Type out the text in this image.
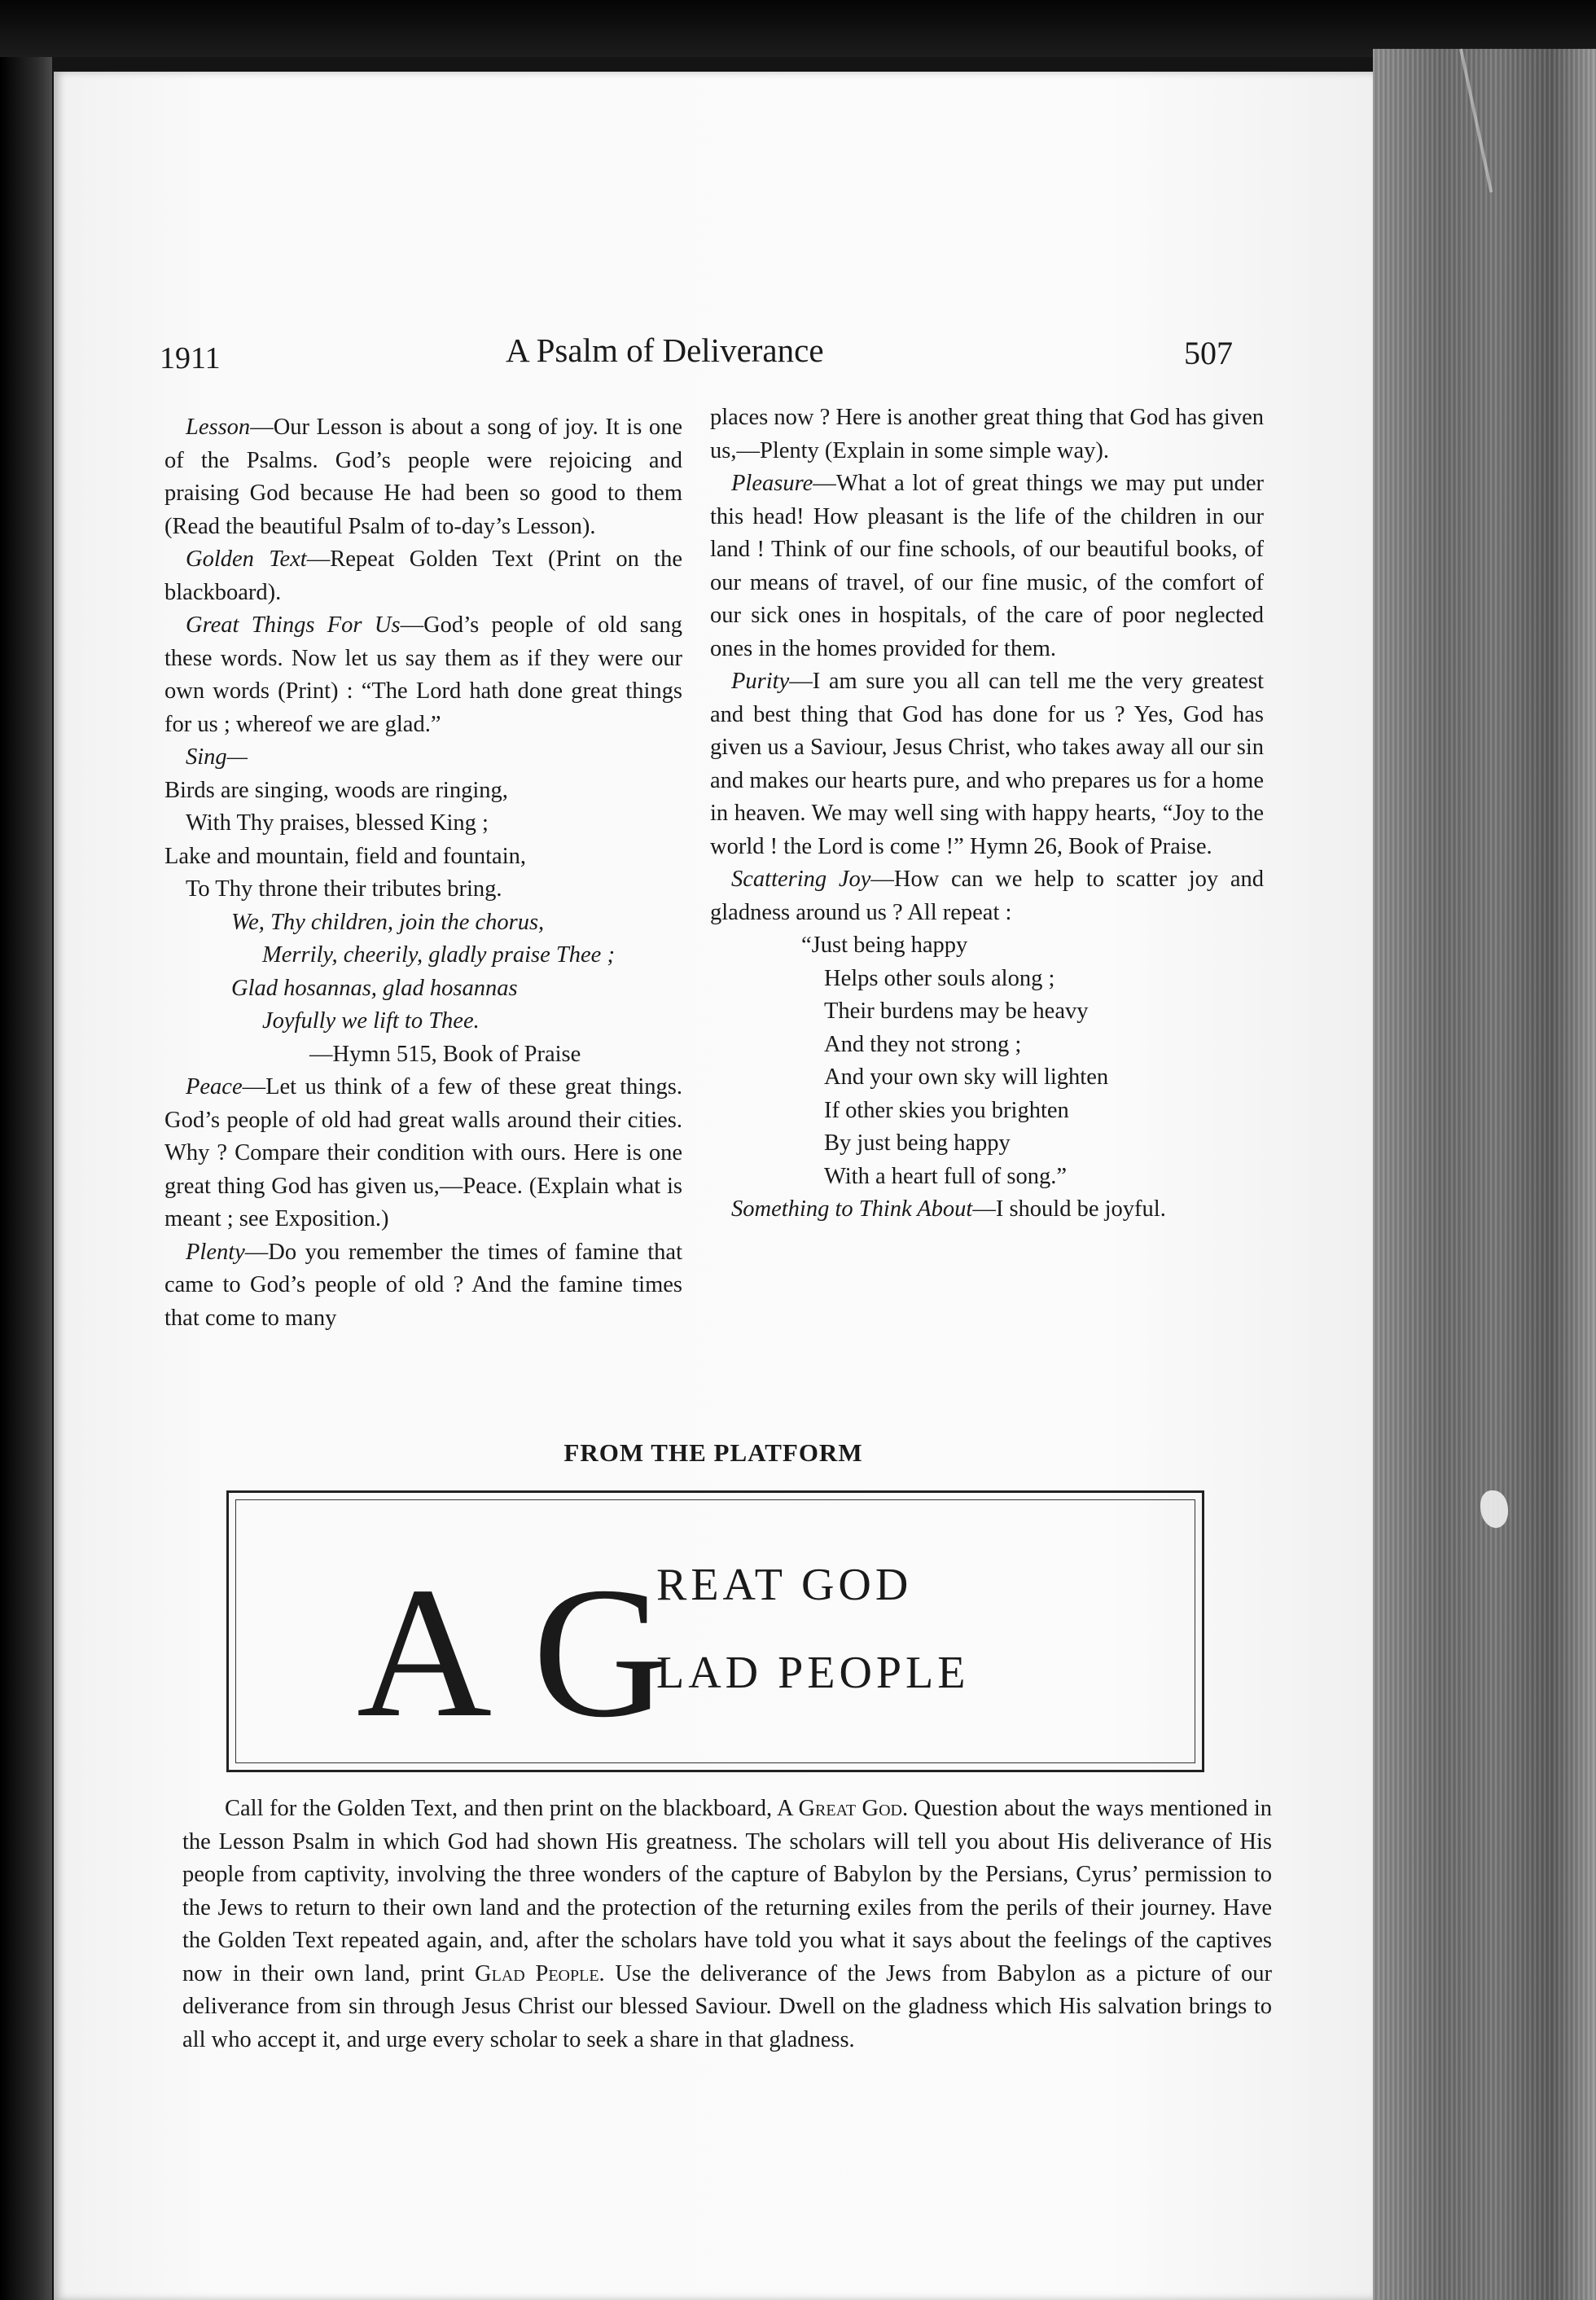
1911	A Psalm of Deliverance	507

Lesson—Our Lesson is about a song of joy. It is one of the Psalms. God’s people were rejoicing and praising God because He had been so good to them (Read the beautiful Psalm of to-day’s Lesson).

Golden Text—Repeat Golden Text (Print on the blackboard).

Great Things For Us—God’s people of old sang these words. Now let us say them as if they were our own words (Print) : “The Lord hath done great things for us ; whereof we are glad.”

Sing—

Birds are singing, woods are ringing,

With Thy praises, blessed King ;

Lake and mountain, field and fountain,

To Thy throne their tributes bring.

We, Thy children, join the chorus,

Merrily, cheerily, gladly praise Thee ;

Glad hosannas, glad hosannas

Joyfully we lift to Thee.

—Hymn 515, Book of Praise

Peace—Let us think of a few of these great things. God’s people of old had great walls around their cities. Why ? Compare their condition with ours. Here is one great thing God has given us,—Peace. (Explain what is meant ; see Exposition.)

Plenty—Do you remember the times of famine that came to God’s people of old ? And the famine times that come to many

places now ? Here is another great thing that God has given us,—Plenty (Explain in some simple way).

Pleasure—What a lot of great things we may put under this head! How pleasant is the life of the children in our land ! Think of our fine schools, of our beautiful books, of our means of travel, of our fine music, of the comfort of our sick ones in hospitals, of the care of poor neglected ones in the homes provided for them.

Purity—I am sure you all can tell me the very greatest and best thing that God has done for us ? Yes, God has given us a Saviour, Jesus Christ, who takes away all our sin and makes our hearts pure, and who prepares us for a home in heaven. We may well sing with happy hearts, “Joy to the world ! the Lord is come !” Hymn 26, Book of Praise.

Scattering Joy—How can we help to scatter joy and gladness around us ? All repeat :

“Just being happy

Helps other souls along ;

Their burdens may be heavy

And they not strong ;

And your own sky will lighten

If other skies you brighten

By just being happy

With a heart full of song.”

Something to Think About—I should be joyful.

FROM THE PLATFORM
A G
REAT GOD
LAD PEOPLE

Call for the Golden Text, and then print on the blackboard, A Great God. Question about the ways mentioned in the Lesson Psalm in which God had shown His greatness. The scholars will tell you about His deliverance of His people from captivity, involving the three wonders of the capture of Babylon by the Persians, Cyrus’ permission to the Jews to return to their own land and the protection of the returning exiles from the perils of their journey. Have the Golden Text repeated again, and, after the scholars have told you what it says about the feelings of the captives now in their own land, print Glad People. Use the deliverance of the Jews from Babylon as a picture of our deliverance from sin through Jesus Christ our blessed Saviour. Dwell on the gladness which His salvation brings to all who accept it, and urge every scholar to seek a share in that gladness.
